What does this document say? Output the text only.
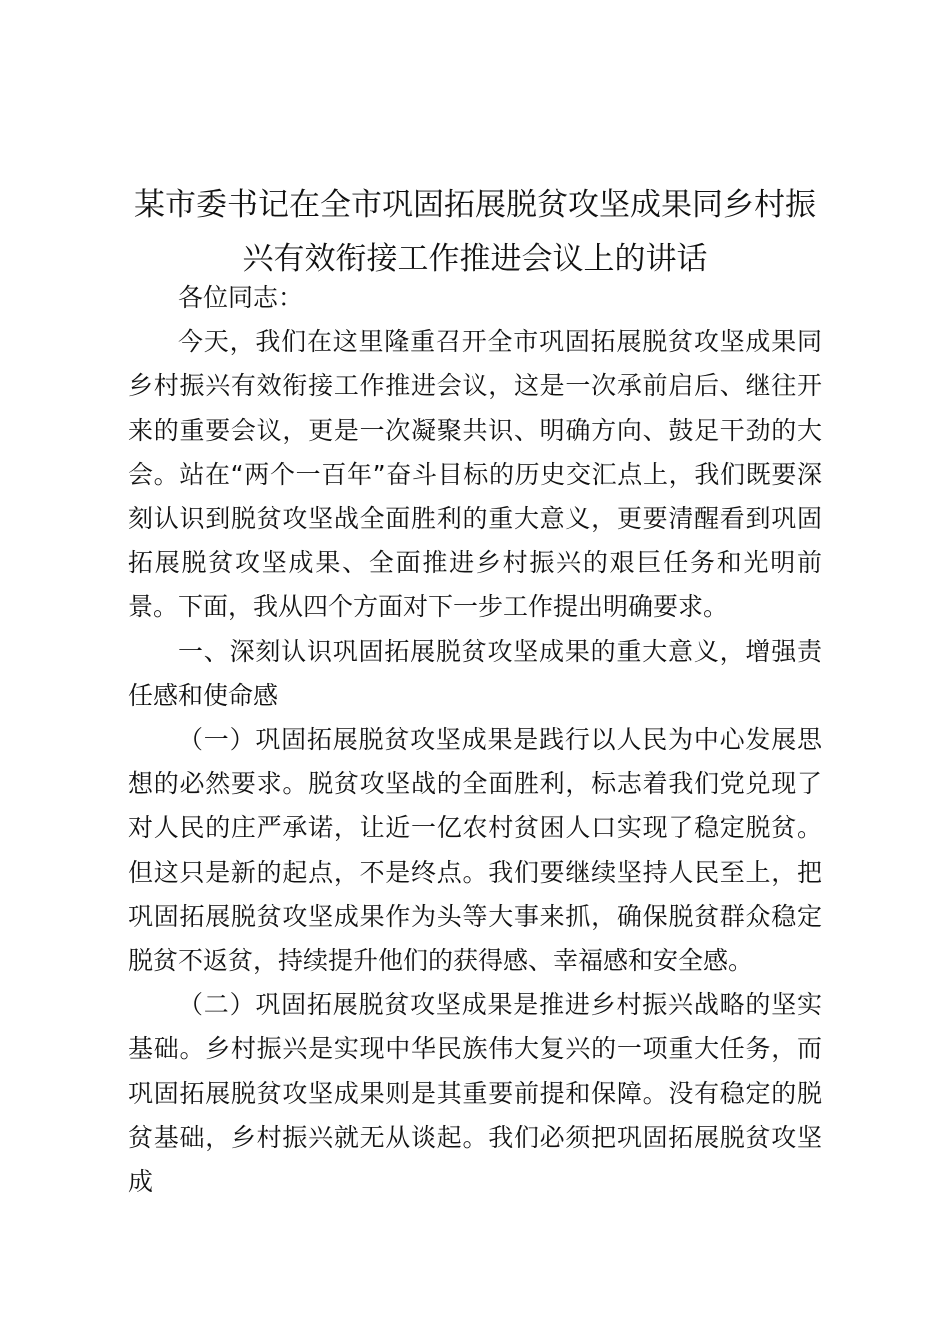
某市委书记在全市巩固拓展脱贫攻坚成果同乡村振兴有效衔接工作推进会议上的讲话

各位同志：

今天，我们在这里隆重召开全市巩固拓展脱贫攻坚成果同乡村振兴有效衔接工作推进会议，这是一次承前启后、继往开来的重要会议，更是一次凝聚共识、明确方向、鼓足干劲的大会。站在“两个一百年”奋斗目标的历史交汇点上，我们既要深刻认识到脱贫攻坚战全面胜利的重大意义，更要清醒看到巩固拓展脱贫攻坚成果、全面推进乡村振兴的艰巨任务和光明前景。下面，我从四个方面对下一步工作提出明确要求。

一、深刻认识巩固拓展脱贫攻坚成果的重大意义，增强责任感和使命感

（一）巩固拓展脱贫攻坚成果是践行以人民为中心发展思想的必然要求。脱贫攻坚战的全面胜利，标志着我们党兑现了对人民的庄严承诺，让近一亿农村贫困人口实现了稳定脱贫。但这只是新的起点，不是终点。我们要继续坚持人民至上，把巩固拓展脱贫攻坚成果作为头等大事来抓，确保脱贫群众稳定脱贫不返贫，持续提升他们的获得感、幸福感和安全感。

（二）巩固拓展脱贫攻坚成果是推进乡村振兴战略的坚实基础。乡村振兴是实现中华民族伟大复兴的一项重大任务，而巩固拓展脱贫攻坚成果则是其重要前提和保障。没有稳定的脱贫基础，乡村振兴就无从谈起。我们必须把巩固拓展脱贫攻坚成
